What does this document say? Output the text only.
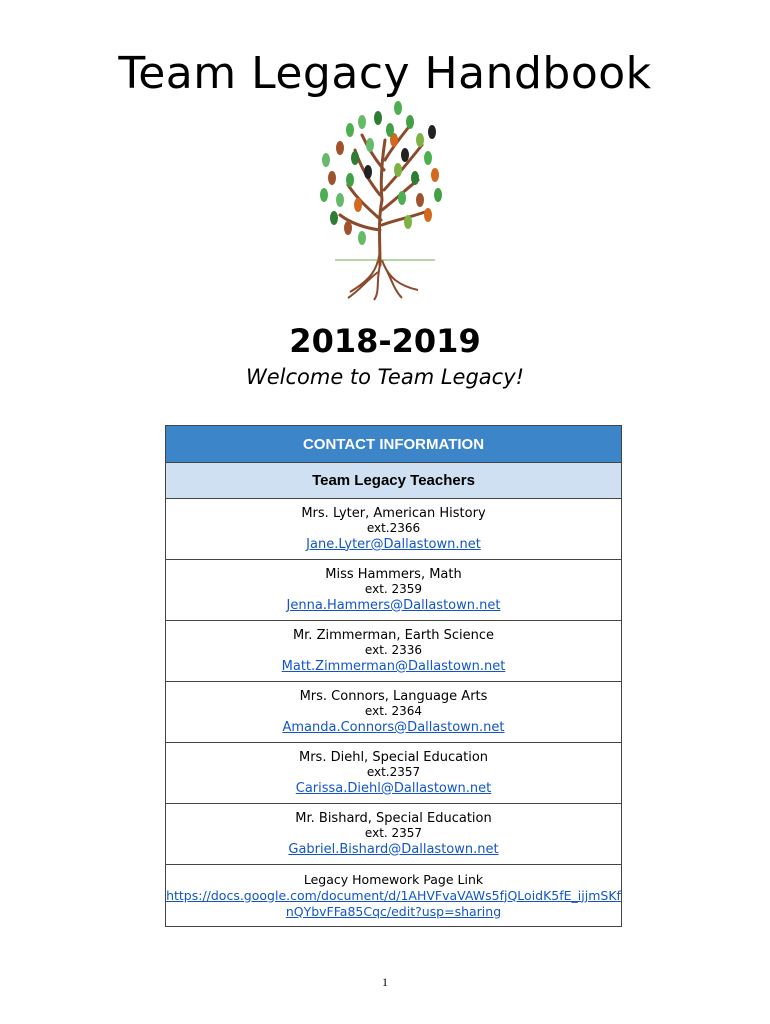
Team Legacy Handbook
2018-2019
Welcome to Team Legacy!
CONTACT INFORMATION
Team Legacy Teachers

Mrs. Lyter, American History
ext.2366
Jane.Lyter@Dallastown.net

Miss Hammers, Math
ext. 2359
Jenna.Hammers@Dallastown.net

Mr. Zimmerman, Earth Science
ext. 2336
Matt.Zimmerman@Dallastown.net

Mrs. Connors, Language Arts
ext. 2364
Amanda.Connors@Dallastown.net

Mrs. Diehl, Special Education
ext.2357
Carissa.Diehl@Dallastown.net

Mr. Bishard, Special Education
ext. 2357
Gabriel.Bishard@Dallastown.net

Legacy Homework Page Link
https://docs.google.com/document/d/1AHVFvaVAWs5fjQLoidK5fE_ijjmSKfnQYbvFFa85Cqc/edit?usp=sharing
1
